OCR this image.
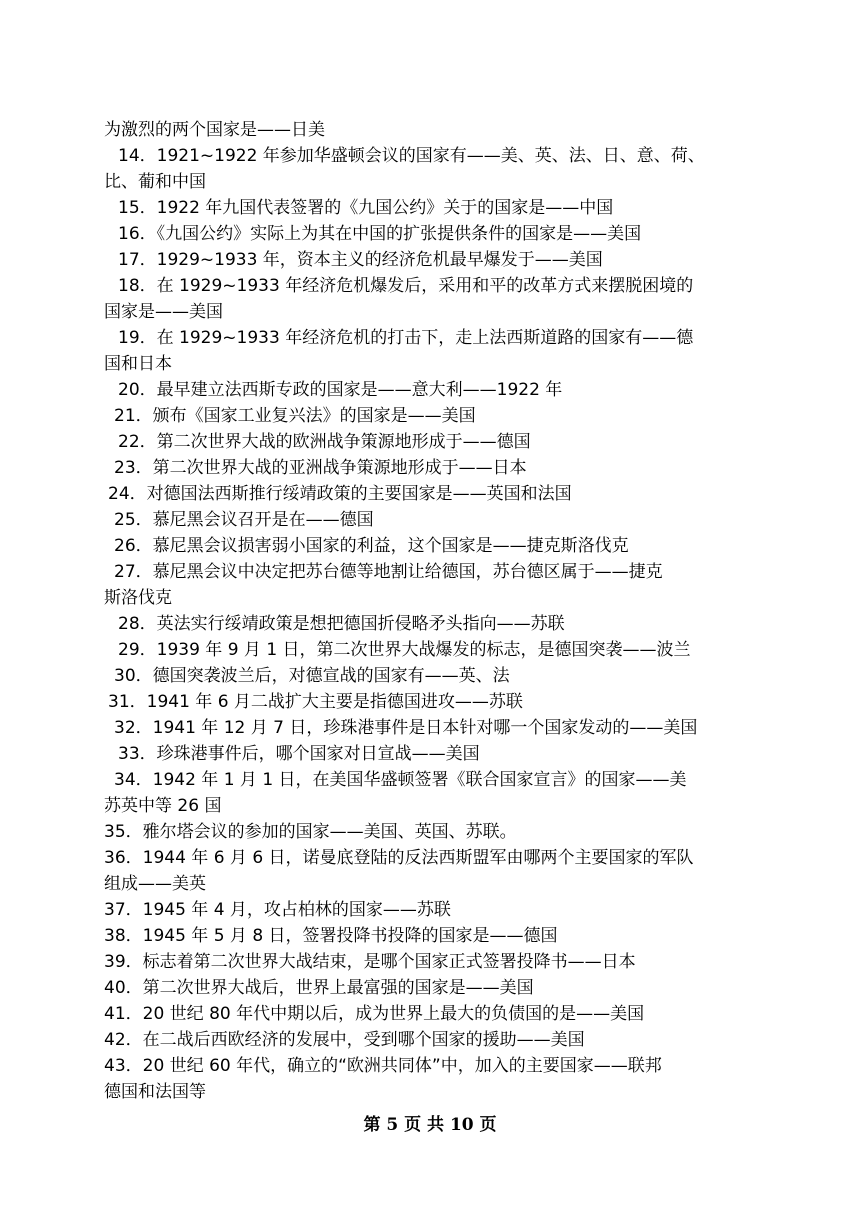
为激烈的两个国家是——日美
14．1921~1922 年参加华盛顿会议的国家有——美、英、法、日、意、荷、
比、葡和中国
15．1922 年九国代表签署的《九国公约》关于的国家是——中国
16．《九国公约》实际上为其在中国的扩张提供条件的国家是——美国
17．1929~1933 年，资本主义的经济危机最早爆发于——美国
18．在 1929~1933 年经济危机爆发后，采用和平的改革方式来摆脱困境的
国家是——美国
19．在 1929~1933 年经济危机的打击下，走上法西斯道路的国家有——德
国和日本
20．最早建立法西斯专政的国家是——意大利——1922 年
21．颁布《国家工业复兴法》的国家是——美国
22．第二次世界大战的欧洲战争策源地形成于——德国
23．第二次世界大战的亚洲战争策源地形成于——日本
24．对德国法西斯推行绥靖政策的主要国家是——英国和法国
25．慕尼黑会议召开是在——德国
26．慕尼黑会议损害弱小国家的利益，这个国家是——捷克斯洛伐克
27．慕尼黑会议中决定把苏台德等地割让给德国，苏台德区属于——捷克
斯洛伐克
28．英法实行绥靖政策是想把德国折侵略矛头指向——苏联
29．1939 年 9 月 1 日，第二次世界大战爆发的标志，是德国突袭——波兰
30．德国突袭波兰后，对德宣战的国家有——英、法
31．1941 年 6 月二战扩大主要是指德国进攻——苏联
32．1941 年 12 月 7 日，珍珠港事件是日本针对哪一个国家发动的——美国
33．珍珠港事件后，哪个国家对日宣战——美国
34．1942 年 1 月 1 日，在美国华盛顿签署《联合国家宣言》的国家——美
苏英中等 26 国
35．雅尔塔会议的参加的国家——美国、英国、苏联。
36．1944 年 6 月 6 日，诺曼底登陆的反法西斯盟军由哪两个主要国家的军队
组成——美英
37．1945 年 4 月，攻占柏林的国家——苏联
38．1945 年 5 月 8 日，签署投降书投降的国家是——德国
39．标志着第二次世界大战结束，是哪个国家正式签署投降书——日本
40．第二次世界大战后，世界上最富强的国家是——美国
41．20 世纪 80 年代中期以后，成为世界上最大的负债国的是——美国
42．在二战后西欧经济的发展中，受到哪个国家的援助——美国
43．20 世纪 60 年代，确立的“欧洲共同体”中，加入的主要国家——联邦
德国和法国等
第 5 页 共 10 页
